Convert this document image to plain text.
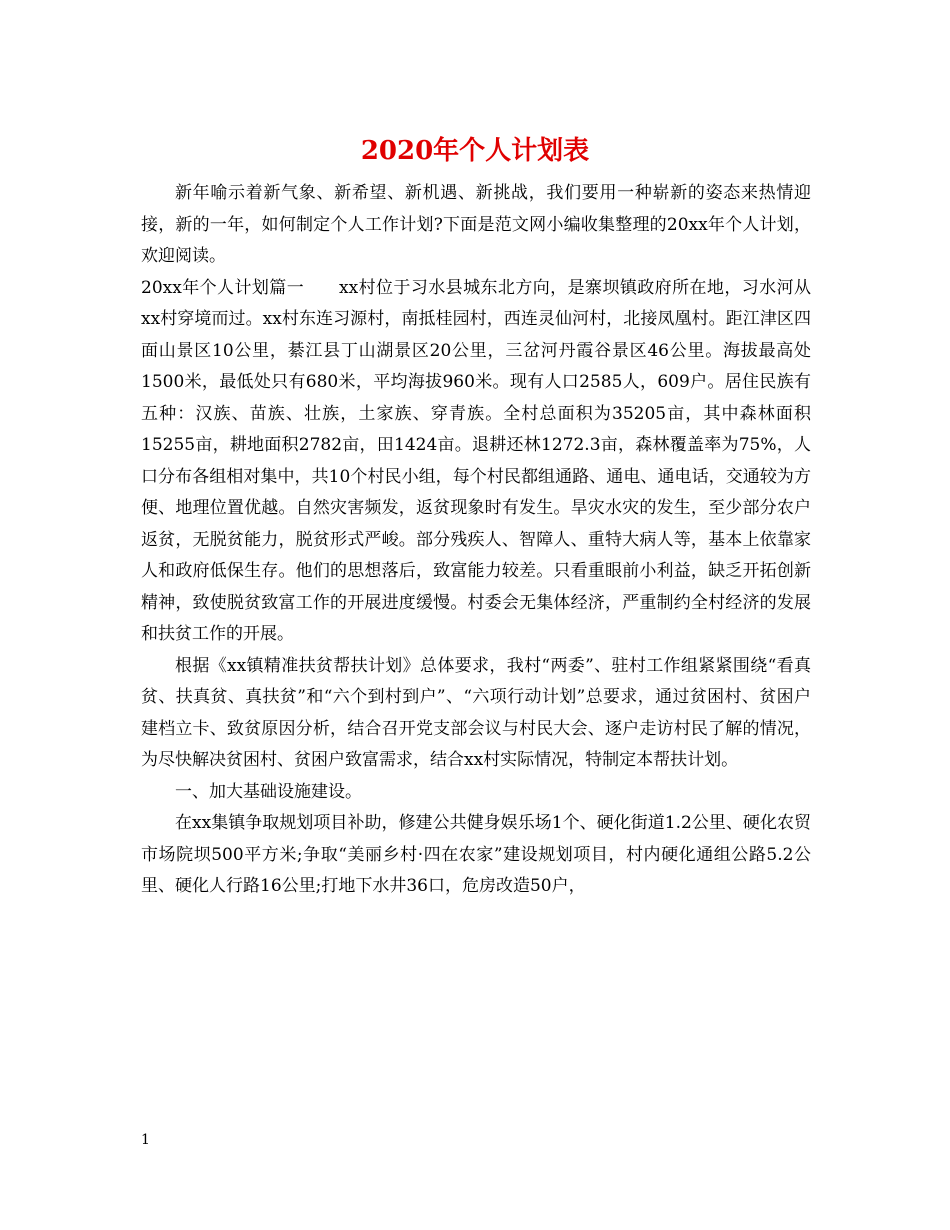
2020年个人计划表

新年喻示着新气象、新希望、新机遇、新挑战，我们要用一种崭新的姿态来热情迎接，新的一年，如何制定个人工作计划?下面是范文网小编收集整理的20xx年个人计划，欢迎阅读。

20xx年个人计划篇一　　xx村位于习水县城东北方向，是寨坝镇政府所在地，习水河从xx村穿境而过。xx村东连习源村，南抵桂园村，西连灵仙河村，北接凤凰村。距江津区四面山景区10公里，綦江县丁山湖景区20公里，三岔河丹霞谷景区46公里。海拔最高处1500米，最低处只有680米，平均海拔960米。现有人口2585人，609户。居住民族有五种：汉族、苗族、壮族，土家族、穿青族。全村总面积为35205亩，其中森林面积15255亩，耕地面积2782亩，田1424亩。退耕还林1272.3亩，森林覆盖率为75%，人口分布各组相对集中，共10个村民小组，每个村民都组通路、通电、通电话，交通较为方便、地理位置优越。自然灾害频发，返贫现象时有发生。旱灾水灾的发生，至少部分农户返贫，无脱贫能力，脱贫形式严峻。部分残疾人、智障人、重特大病人等，基本上依靠家人和政府低保生存。他们的思想落后，致富能力较差。只看重眼前小利益，缺乏开拓创新精神，致使脱贫致富工作的开展进度缓慢。村委会无集体经济，严重制约全村经济的发展和扶贫工作的开展。

根据《xx镇精准扶贫帮扶计划》总体要求，我村“两委”、驻村工作组紧紧围绕“看真贫、扶真贫、真扶贫”和“六个到村到户”、“六项行动计划”总要求，通过贫困村、贫困户建档立卡、致贫原因分析，结合召开党支部会议与村民大会、逐户走访村民了解的情况，为尽快解决贫困村、贫困户致富需求，结合xx村实际情况，特制定本帮扶计划。

一、加大基础设施建设。

在xx集镇争取规划项目补助，修建公共健身娱乐场1个、硬化街道1.2公里、硬化农贸市场院坝500平方米;争取“美丽乡村·四在农家”建设规划项目，村内硬化通组公路5.2公里、硬化人行路16公里;打地下水井36口，危房改造50户，

1
